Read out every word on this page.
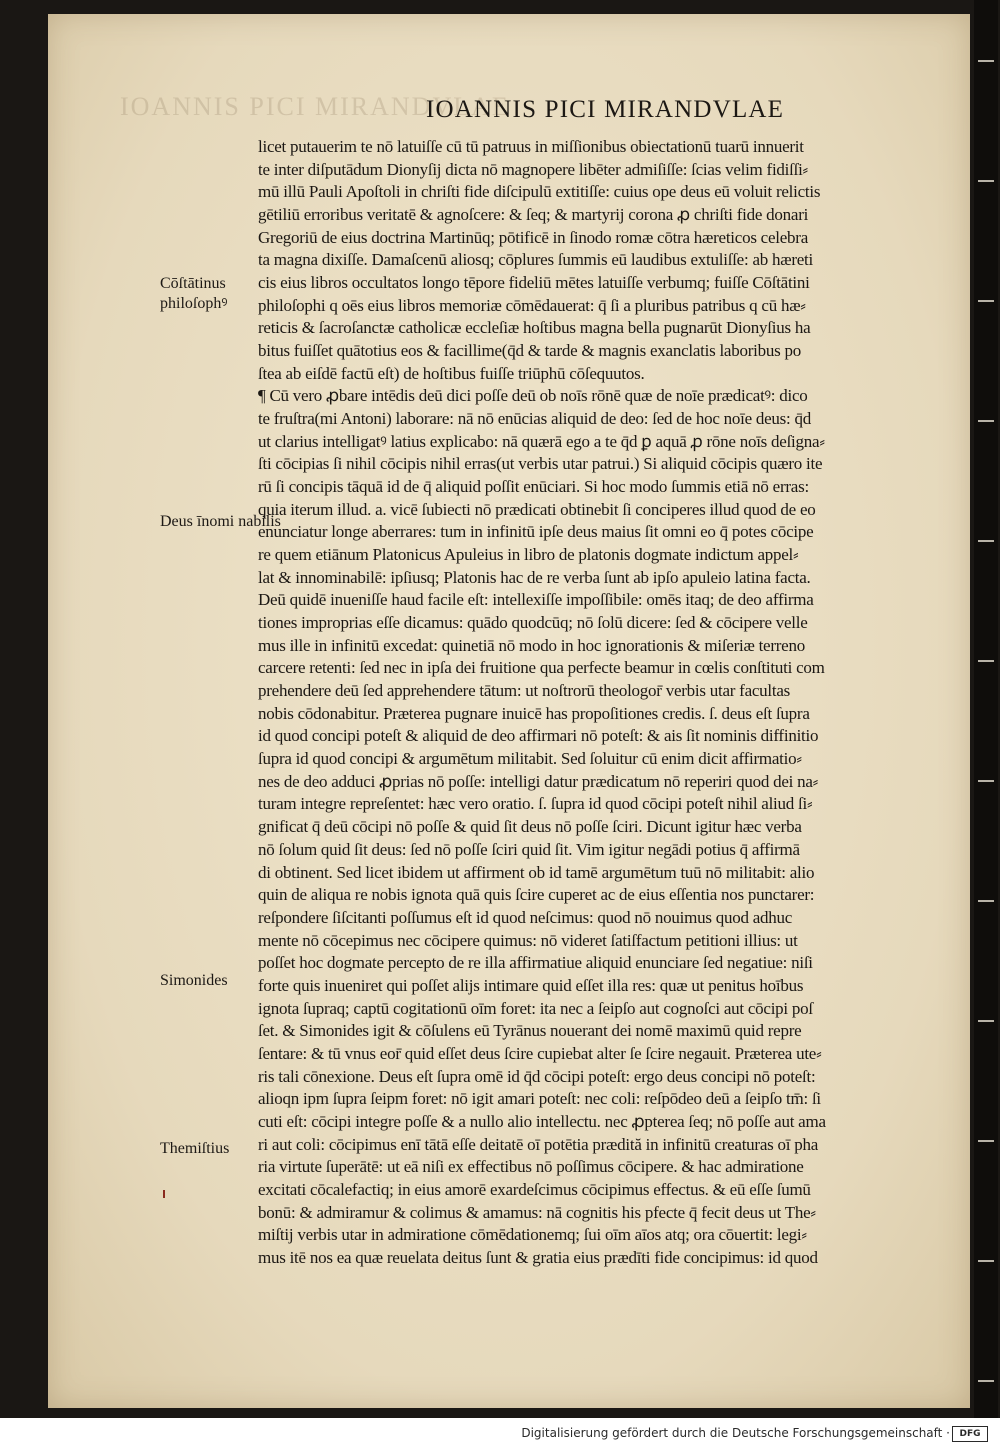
IOANNIS PICI MIRANDVLAE
IOANNIS PICI MIRANDVLAE
licet putauerim te nō latuiſſe cū tū patruus in miſſionibus obiectationū tuarū innuerit
te inter diſputādum Dionyſij dicta nō magnopere libēter admiſiſſe: ſcias velim fidiſſi⸗
mū illū Pauli Apoſtoli in chriſti fide diſcipulū extitiſſe: cuius ope deus eū voluit relictis
gētiliū erroribus veritatē & agnoſcere: & ſeq; & martyrij corona ꝓ chriſti fide donari
Gregoriū de eius doctrina Martinūq; pōtificē in ſinodo romæ cōtra hæreticos celebra
ta magna dixiſſe. Damaſcenū aliosq; cōplures ſummis eū laudibus extuliſſe: ab hæreti
cis eius libros occultatos longo tēpore fideliū mētes latuiſſe verbumq; fuiſſe Cōſtātini
philoſophi q oēs eius libros memoriæ cōmēdauerat: q̄ ſi a pluribus patribus q cū hæ⸗
reticis & ſacroſanctæ catholicæ eccleſiæ hoſtibus magna bella pugnarūt Dionyſius ha
bitus fuiſſet quātotius eos & facillime(q̄d & tarde & magnis exanclatis laboribus po
ſtea ab eiſdē factū eſt) de hoſtibus fuiſſe triūphū cōſequutos.
¶ Cū vero ꝓbare intēdis deū dici poſſe deū ob noīs rōnē quæ de noīe prædicatꝰ: dico
te fruſtra(mi Antoni) laborare: nā nō enūcias aliquid de deo: ſed de hoc noīe deus: q̄d
ut clarius intelligatꝰ latius explicabo: nā quærā ego a te q̄d ꝑ aquā ꝓ rōne noīs deſigna⸗
ſti cōcipias ſi nihil cōcipis nihil erras(ut verbis utar patrui.) Si aliquid cōcipis quæro ite
rū ſi concipis tāquā id de q̄ aliquid poſſit enūciari. Si hoc modo ſummis etiā nō erras:
quia iterum illud. a. vicē ſubiecti nō prædicati obtinebit ſi conciperes illud quod de eo
enunciatur longe aberrares: tum in infinitū ipſe deus maius ſit omni eo q̄ potes cōcipe
re quem etiānum Platonicus Apuleius in libro de platonis dogmate indictum appel⸗
lat & innominabilē: ipſiusq; Platonis hac de re verba ſunt ab ipſo apuleio latina facta.
Deū quidē inueniſſe haud facile eſt: intellexiſſe impoſſibile: omēs itaq; de deo affirma
tiones improprias eſſe dicamus: quādo quodcūq; nō ſolū dicere: ſed & cōcipere velle
mus ille in infinitū excedat: quinetiā nō modo in hoc ignorationis & miſeriæ terreno
carcere retenti: ſed nec in ipſa dei fruitione qua perfecte beamur in cœlis conſtituti com
prehendere deū ſed apprehendere tātum: ut noſtrorū theologor̄ verbis utar facultas
nobis cōdonabitur. Præterea pugnare inuicē has propoſitiones credis. ſ. deus eſt ſupra
id quod concipi poteſt & aliquid de deo affirmari nō poteſt: & ais ſit nominis diffinitio
ſupra id quod concipi & argumētum militabit. Sed ſoluitur cū enim dicit affirmatio⸗
nes de deo adduci ꝓprias nō poſſe: intelligi datur prædicatum nō reperiri quod dei na⸗
turam integre repreſentet: hæc vero oratio. ſ. ſupra id quod cōcipi poteſt nihil aliud ſi⸗
gnificat q̄ deū cōcipi nō poſſe & quid ſit deus nō poſſe ſciri. Dicunt igitur hæc verba
nō ſolum quid ſit deus: ſed nō poſſe ſciri quid ſit. Vim igitur negādi potius q̄ affirmā
di obtinent. Sed licet ibidem ut affirment ob id tamē argumētum tuū nō militabit: alio
quin de aliqua re nobis ignota quā quis ſcire cuperet ac de eius eſſentia nos punctarer:
reſpondere ſiſcitanti poſſumus eſt id quod neſcimus: quod nō nouimus quod adhuc
mente nō cōcepimus nec cōcipere quimus: nō videret ſatiſfactum petitioni illius: ut
poſſet hoc dogmate percepto de re illa affirmatiue aliquid enunciare ſed negatiue: niſi
forte quis inueniret qui poſſet alijs intimare quid eſſet illa res: quæ ut penitus hoībus
ignota ſupraq; captū cogitationū oīm foret: ita nec a ſeipſo aut cognoſci aut cōcipi poſ
ſet. & Simonides igit & cōſulens eū Tyrānus nouerant dei nomē maximū quid repre
ſentare: & tū vnus eor̄ quid eſſet deus ſcire cupiebat alter ſe ſcire negauit. Præterea ute⸗
ris tali cōnexione. Deus eſt ſupra omē id q̄d cōcipi poteſt: ergo deus concipi nō poteſt:
alioqn ipm ſupra ſeipm foret: nō igit amari poteſt: nec coli: reſpōdeo deū a ſeipſo tm̄: ſi
cuti eſt: cōcipi integre poſſe & a nullo alio intellectu. nec ꝓpterea ſeq; nō poſſe aut ama
ri aut coli: cōcipimus enī tātā eſſe deitatē oī potētia prædită in infinitū creaturas oī pha
ria virtute ſuperātē: ut eā niſi ex effectibus nō poſſimus cōcipere. & hac admiratione
excitati cōcalefactiq; in eius amorē exardeſcimus cōcipimus effectus. & eū eſſe ſumū
bonū: & admiramur & colimus & amamus: nā cognitis his pfecte q̄ fecit deus ut The⸗
miſtij verbis utar in admiratione cōmēdationemq; ſui oīm aīos atq; ora cōuertit: legi⸗
mus itē nos ea quæ reuelata deitus ſunt & gratia eius prædīti fide concipimus: id quod
Cōſtātinus
philoſophꝰ
Deus īnomi nabilis
Simonides
Themiſtius
Digitalisierung gefördert durch die Deutsche Forschungsgemeinschaft ·	DFG
